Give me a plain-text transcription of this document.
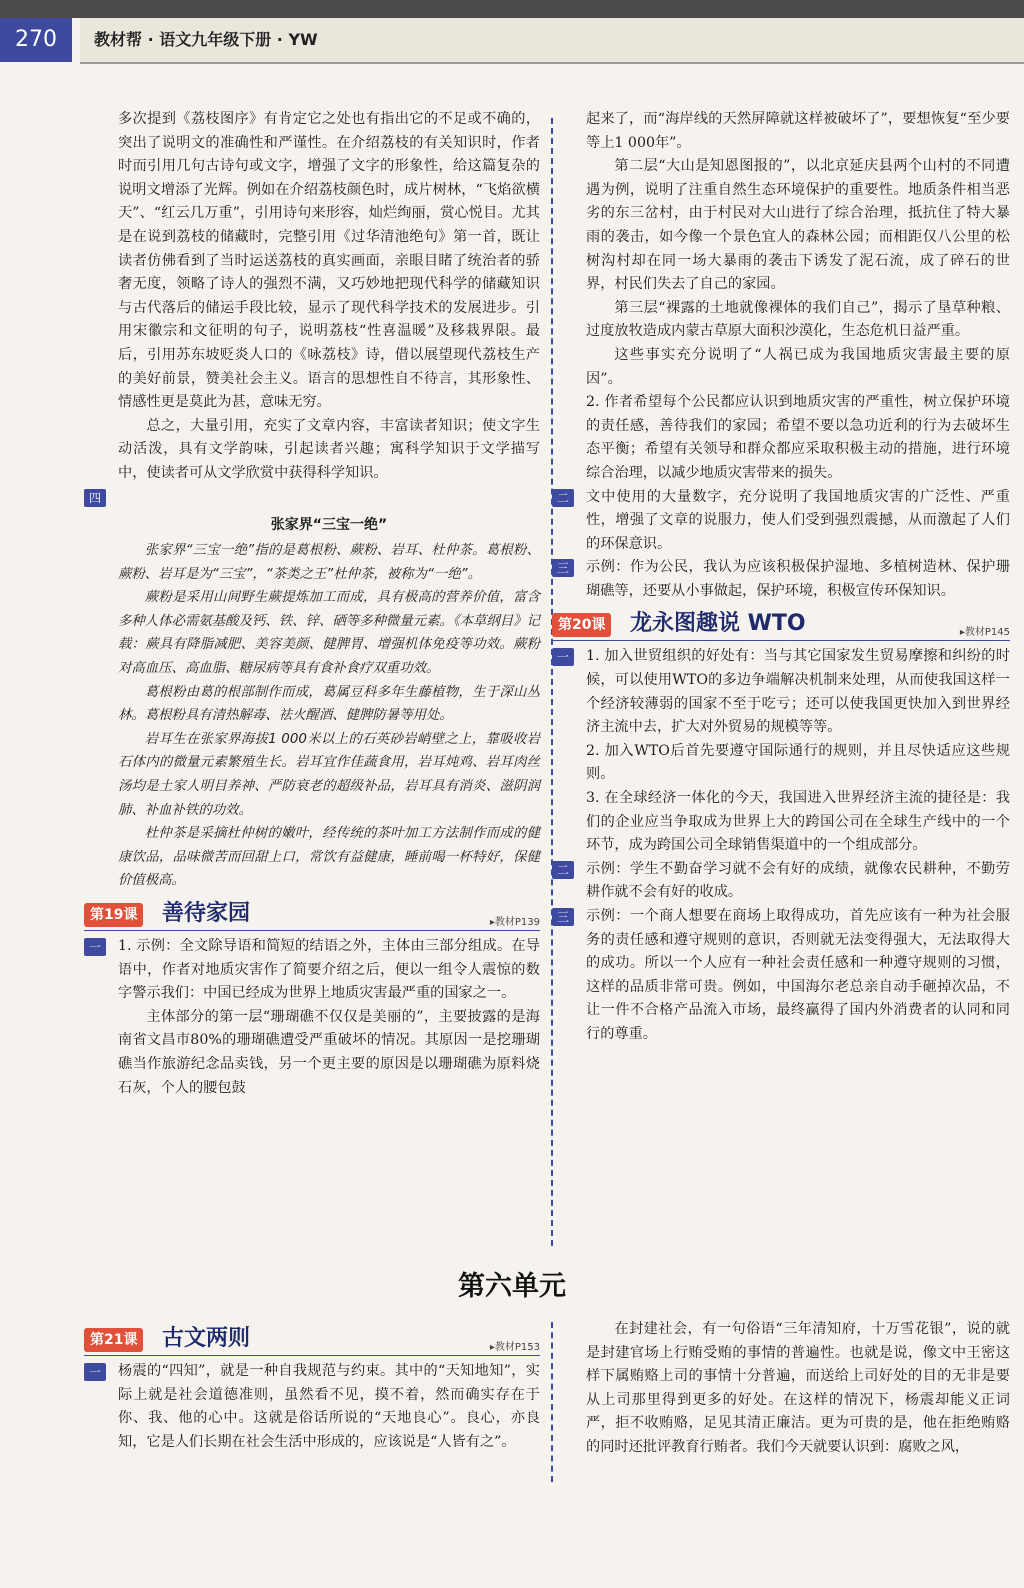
270	教材帮 · 语文九年级下册 · YW

多次提到《荔枝图序》有肯定它之处也有指出它的不足或不确的，突出了说明文的准确性和严谨性。在介绍荔枝的有关知识时，作者时而引用几句古诗句或文字，增强了文字的形象性，给这篇复杂的说明文增添了光辉。例如在介绍荔枝颜色时，成片树林，“飞焰欲横天”、“红云几万重”，引用诗句来形容，灿烂绚丽，赏心悦目。尤其是在说到荔枝的储藏时，完整引用《过华清池绝句》第一首，既让读者仿佛看到了当时运送荔枝的真实画面，亲眼目睹了统治者的骄奢无度，领略了诗人的强烈不满，又巧妙地把现代科学的储藏知识与古代落后的储运手段比较，显示了现代科学技术的发展进步。引用宋徽宗和文征明的句子，说明荔枝“性喜温暖”及移栽界限。最后，引用苏东坡贬炎人口的《咏荔枝》诗，借以展望现代荔枝生产的美好前景，赞美社会主义。语言的思想性自不待言，其形象性、情感性更是莫此为甚，意味无穷。

总之，大量引用，充实了文章内容，丰富读者知识；使文字生动活泼，具有文学韵味，引起读者兴趣；寓科学知识于文学描写中，使读者可从文学欣赏中获得科学知识。

四
张家界“三宝一绝”

张家界“三宝一绝”指的是葛根粉、蕨粉、岩耳、杜仲茶。葛根粉、蕨粉、岩耳是为“三宝”，“茶类之王”杜仲茶，被称为“一绝”。

蕨粉是采用山间野生蕨提炼加工而成，具有极高的营养价值，富含多种人体必需氨基酸及钙、铁、锌、硒等多种微量元素。《本草纲目》记载：蕨具有降脂减肥、美容美颜、健脾胃、增强机体免疫等功效。蕨粉对高血压、高血脂、糖尿病等具有食补食疗双重功效。

葛根粉由葛的根部制作而成，葛属豆科多年生藤植物，生于深山丛林。葛根粉具有清热解毒、祛火醒酒、健脾防暑等用处。

岩耳生在张家界海拔1 000米以上的石英砂岩峭壁之上，靠吸收岩石体内的微量元素繁殖生长。岩耳宜作佳蔬食用，岩耳炖鸡、岩耳肉丝汤均是土家人明目养神、严防衰老的超级补品，岩耳具有消炎、滋阴润肺、补血补铁的功效。

杜仲茶是采摘杜仲树的嫩叶，经传统的茶叶加工方法制作而成的健康饮品，品味微苦而回甜上口，常饮有益健康，睡前喝一杯特好，保健价值极高。

第19课 善待家园	▸教材P139
一	1. 示例：全文除导语和简短的结语之外，主体由三部分组成。在导语中，作者对地质灾害作了简要介绍之后，便以一组令人震惊的数字警示我们：中国已经成为世界上地质灾害最严重的国家之一。

主体部分的第一层“珊瑚礁不仅仅是美丽的”，主要披露的是海南省文昌市80%的珊瑚礁遭受严重破坏的情况。其原因一是挖珊瑚礁当作旅游纪念品卖钱，另一个更主要的原因是以珊瑚礁为原料烧石灰，个人的腰包鼓

起来了，而“海岸线的天然屏障就这样被破坏了”，要想恢复“至少要等上1 000年”。

第二层“大山是知恩图报的”，以北京延庆县两个山村的不同遭遇为例，说明了注重自然生态环境保护的重要性。地质条件相当恶劣的东三岔村，由于村民对大山进行了综合治理，抵抗住了特大暴雨的袭击，如今像一个景色宜人的森林公园；而相距仅八公里的松树沟村却在同一场大暴雨的袭击下诱发了泥石流，成了碎石的世界，村民们失去了自己的家园。

第三层“裸露的土地就像裸体的我们自己”，揭示了垦草种粮、过度放牧造成内蒙古草原大面积沙漠化，生态危机日益严重。

这些事实充分说明了“人祸已成为我国地质灾害最主要的原因”。

2. 作者希望每个公民都应认识到地质灾害的严重性，树立保护环境的责任感，善待我们的家园；希望不要以急功近利的行为去破坏生态平衡；希望有关领导和群众都应采取积极主动的措施，进行环境综合治理，以减少地质灾害带来的损失。

二	文中使用的大量数字，充分说明了我国地质灾害的广泛性、严重性，增强了文章的说服力，使人们受到强烈震撼，从而激起了人们的环保意识。

三	示例：作为公民，我认为应该积极保护湿地、多植树造林、保护珊瑚礁等，还要从小事做起，保护环境，积极宣传环保知识。

第20课 龙永图趣说 WTO	▸教材P145
一	1. 加入世贸组织的好处有：当与其它国家发生贸易摩擦和纠纷的时候，可以使用WTO的多边争端解决机制来处理，从而使我国这样一个经济较薄弱的国家不至于吃亏；还可以使我国更快加入到世界经济主流中去，扩大对外贸易的规模等等。

2. 加入WTO后首先要遵守国际通行的规则，并且尽快适应这些规则。

3. 在全球经济一体化的今天，我国进入世界经济主流的捷径是：我们的企业应当争取成为世界上大的跨国公司在全球生产线中的一个环节，成为跨国公司全球销售渠道中的一个组成部分。

二	示例：学生不勤奋学习就不会有好的成绩，就像农民耕种，不勤劳耕作就不会有好的收成。

三	示例：一个商人想要在商场上取得成功，首先应该有一种为社会服务的责任感和遵守规则的意识，否则就无法变得强大，无法取得大的成功。所以一个人应有一种社会责任感和一种遵守规则的习惯，这样的品质非常可贵。例如，中国海尔老总亲自动手砸掉次品，不让一件不合格产品流入市场，最终赢得了国内外消费者的认同和同行的尊重。

第六单元
第21课 古文两则	▸教材P153
一	杨震的“四知”，就是一种自我规范与约束。其中的“天知地知”，实际上就是社会道德准则，虽然看不见，摸不着，然而确实存在于你、我、他的心中。这就是俗话所说的“天地良心”。良心，亦良知，它是人们长期在社会生活中形成的，应该说是“人皆有之”。

在封建社会，有一句俗语“三年清知府，十万雪花银”，说的就是封建官场上行贿受贿的事情的普遍性。也就是说，像文中王密这样下属贿赂上司的事情十分普遍，而送给上司好处的目的无非是要从上司那里得到更多的好处。在这样的情况下，杨震却能义正词严，拒不收贿赂，足见其清正廉洁。更为可贵的是，他在拒绝贿赂的同时还批评教育行贿者。我们今天就要认识到：腐败之风，
